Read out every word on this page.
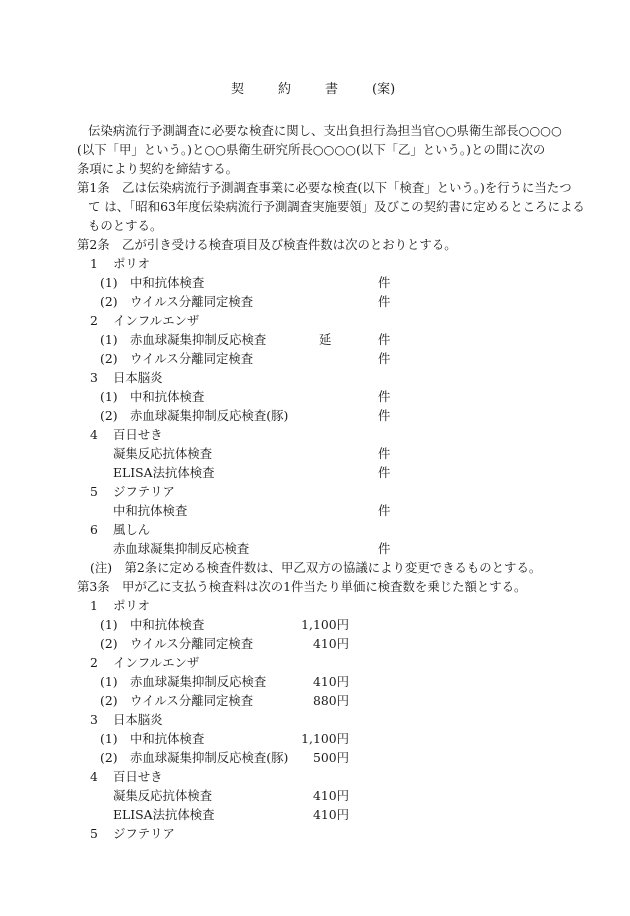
契	約	書	(案)
伝染病流行予測調査に必要な検査に関し、支出負担行為担当官○○県衛生部長○○○○
(以下「甲」という。)と○○県衛生研究所長○○○○(以下「乙」という。)との間に次の
条項により契約を締結する。
第1条　乙は伝染病流行予測調査事業に必要な検査(以下「検査」という。)を行うに当たつ
て は、「昭和63年度伝染病流行予測調査実施要領」及びこの契約書に定めるところによる
ものとする。
第2条　乙が引き受ける検査項目及び検査件数は次のとおりとする。
1 ポリオ
(1) 中和抗体検査	件
(2) ウイルス分離同定検査	件
2 インフルエンザ
(1) 赤血球凝集抑制反応検査	延	件
(2) ウイルス分離同定検査	件
3 日本脳炎
(1) 中和抗体検査	件
(2) 赤血球凝集抑制反応検査(豚)	件
4 百日せき
凝集反応抗体検査	件
ELISA法抗体検査	件
5 ジフテリア
中和抗体検査	件
6 風しん
赤血球凝集抑制反応検査	件
(注)　第2条に定める検査件数は、甲乙双方の協議により変更できるものとする。
第3条　甲が乙に支払う検査料は次の1件当たり単価に検査数を乗じた額とする。
1 ポリオ
(1) 中和抗体検査	1,100円
(2) ウイルス分離同定検査	410円
2 インフルエンザ
(1) 赤血球凝集抑制反応検査	410円
(2) ウイルス分離同定検査	880円
3 日本脳炎
(1) 中和抗体検査	1,100円
(2) 赤血球凝集抑制反応検査(豚) 500円
4 百日せき
凝集反応抗体検査	410円
ELISA法抗体検査	410円
5 ジフテリア
